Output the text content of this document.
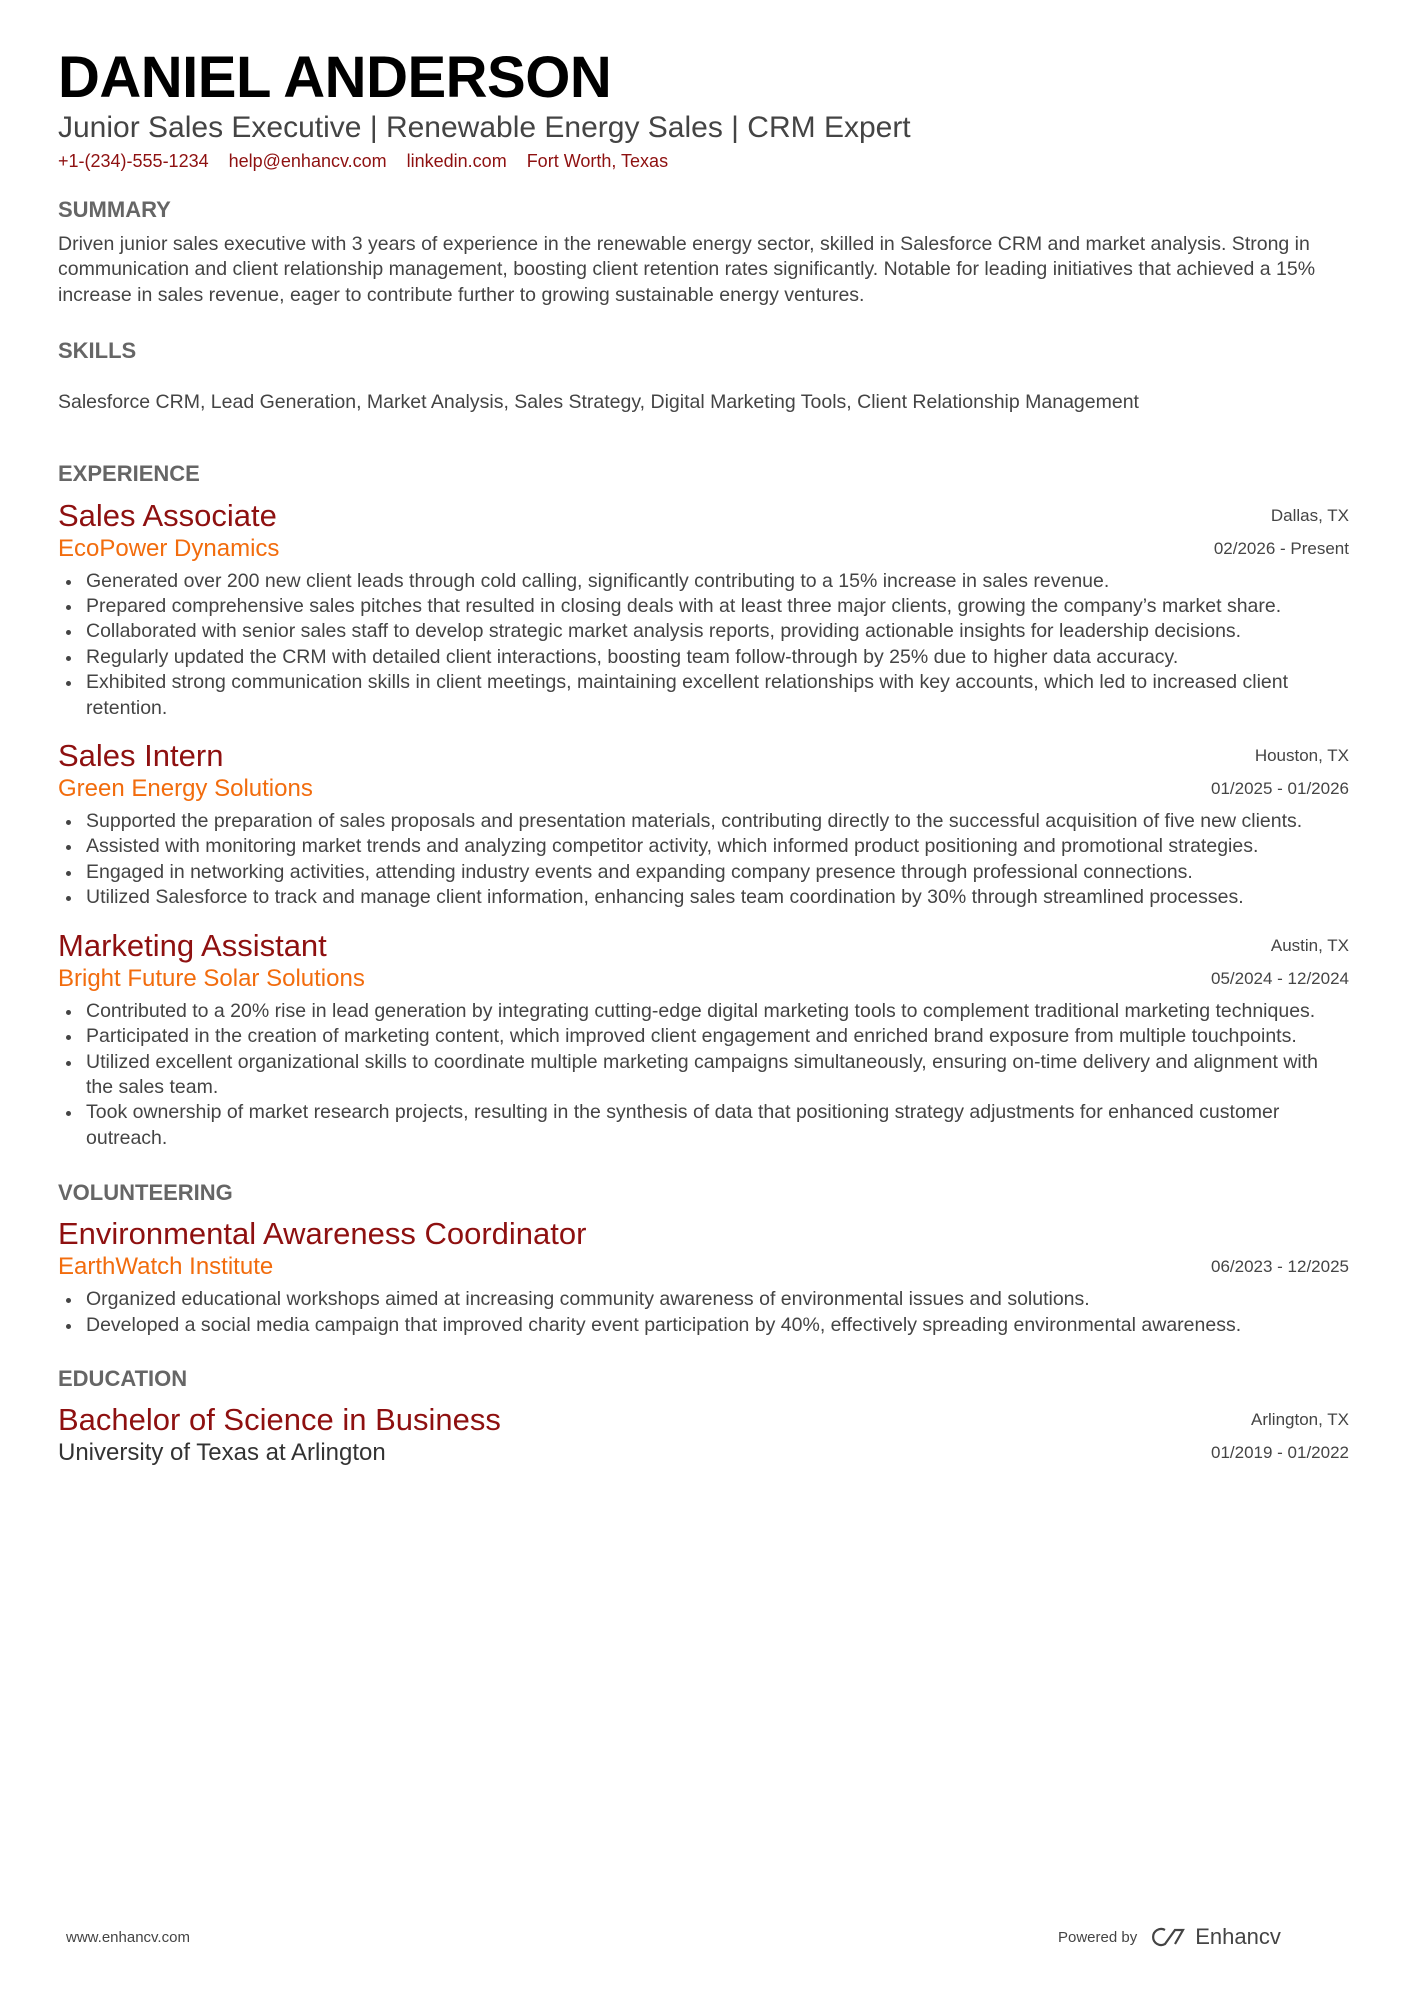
DANIEL ANDERSON
Junior Sales Executive | Renewable Energy Sales | CRM Expert
+1-(234)-555-1234 help@enhancv.com linkedin.com Fort Worth, Texas
SUMMARY
Driven junior sales executive with 3 years of experience in the renewable energy sector, skilled in Salesforce CRM and market analysis. Strong in communication and client relationship management, boosting client retention rates significantly. Notable for leading initiatives that achieved a 15% increase in sales revenue, eager to contribute further to growing sustainable energy ventures.
SKILLS
Salesforce CRM, Lead Generation, Market Analysis, Sales Strategy, Digital Marketing Tools, Client Relationship Management
EXPERIENCE
Sales Associate
EcoPower Dynamics
Dallas, TX
02/2026 - Present
Generated over 200 new client leads through cold calling, significantly contributing to a 15% increase in sales revenue.
Prepared comprehensive sales pitches that resulted in closing deals with at least three major clients, growing the company’s market share.
Collaborated with senior sales staff to develop strategic market analysis reports, providing actionable insights for leadership decisions.
Regularly updated the CRM with detailed client interactions, boosting team follow-through by 25% due to higher data accuracy.
Exhibited strong communication skills in client meetings, maintaining excellent relationships with key accounts, which led to increased client retention.
Sales Intern
Green Energy Solutions
Houston, TX
01/2025 - 01/2026
Supported the preparation of sales proposals and presentation materials, contributing directly to the successful acquisition of five new clients.
Assisted with monitoring market trends and analyzing competitor activity, which informed product positioning and promotional strategies.
Engaged in networking activities, attending industry events and expanding company presence through professional connections.
Utilized Salesforce to track and manage client information, enhancing sales team coordination by 30% through streamlined processes.
Marketing Assistant
Bright Future Solar Solutions
Austin, TX
05/2024 - 12/2024
Contributed to a 20% rise in lead generation by integrating cutting-edge digital marketing tools to complement traditional marketing techniques.
Participated in the creation of marketing content, which improved client engagement and enriched brand exposure from multiple touchpoints.
Utilized excellent organizational skills to coordinate multiple marketing campaigns simultaneously, ensuring on-time delivery and alignment with the sales team.
Took ownership of market research projects, resulting in the synthesis of data that positioning strategy adjustments for enhanced customer outreach.
VOLUNTEERING
Environmental Awareness Coordinator
EarthWatch Institute	06/2023 - 12/2025
Organized educational workshops aimed at increasing community awareness of environmental issues and solutions.
Developed a social media campaign that improved charity event participation by 40%, effectively spreading environmental awareness.
EDUCATION
Bachelor of Science in Business
University of Texas at Arlington
Arlington, TX
01/2019 - 01/2022
www.enhancv.com	Powered by	Enhancv
